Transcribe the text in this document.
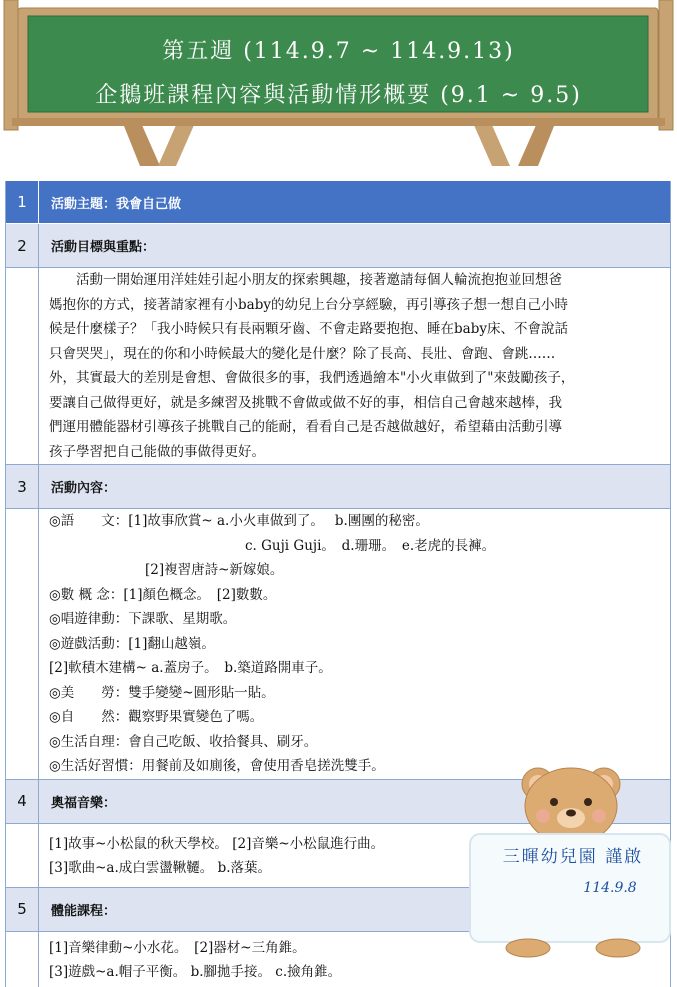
第五週 (114.9.7 ~ 114.9.13)
企鵝班課程內容與活動情形概要 (9.1 ~ 9.5)
1	活動主題：我會自己做
2	活動目標與重點：
活動一開始運用洋娃娃引起小朋友的探索興趣，接著邀請每個人輪流抱抱並回想爸
媽抱你的方式，接著請家裡有小baby的幼兒上台分享經驗，再引導孩子想一想自己小時
候是什麼樣子？「我小時候只有長兩顆牙齒、不會走路要抱抱、睡在baby床、不會說話
只會哭哭」，現在的你和小時候最大的變化是什麼？除了長高、長壯、會跑、會跳……
外，其實最大的差別是會想、會做很多的事，我們透過繪本"小火車做到了"來鼓勵孩子，
要讓自己做得更好，就是多練習及挑戰不會做或做不好的事，相信自己會越來越棒，我
們運用體能器材引導孩子挑戰自己的能耐，看看自己是否越做越好，希望藉由活動引導
孩子學習把自己能做的事做得更好。
3	活動內容：
◎語　　文：[1]故事欣賞~ a.小火車做到了。　 b.團團的秘密。
c. Guji Guji。　d.珊珊。　e.老虎的長褲。
[2]複習唐詩~新嫁娘。
◎數 概 念：[1]顏色概念。　[2]數數。
◎唱遊律動：下課歌、星期歌。
◎遊戲活動：[1]翻山越嶺。
[2]軟積木建構~ a.蓋房子。　b.築道路開車子。
◎美　　勞：雙手變變~圓形貼一貼。
◎自　　然：觀察野果實變色了嗎。
◎生活自理：會自己吃飯、收拾餐具、刷牙。
◎生活好習慣：用餐前及如廁後，會使用香皂搓洗雙手。
4	奧福音樂：
[1]故事~小松鼠的秋天學校。 [2]音樂~小松鼠進行曲。
[3]歌曲~a.成白雲盪鞦韆。 b.落葉。
5	體能課程：
[1]音樂律動~小水花。　[2]器材~三角錐。
[3]遊戲~a.帽子平衡。 b.腳拋手接。 c.撿角錐。
三暉幼兒園 謹啟
114.9.8
